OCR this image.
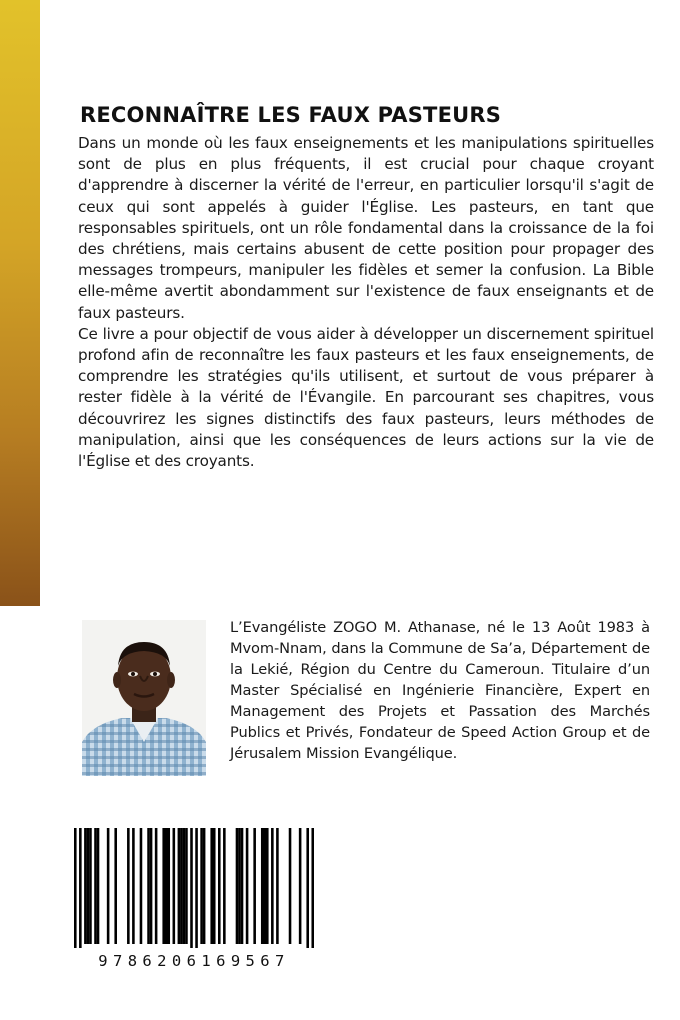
RECONNAÎTRE LES FAUX PASTEURS

Dans un monde où les faux enseignements et les manipulations spirituelles sont de plus en plus fréquents, il est crucial pour chaque croyant d'apprendre à discerner la vérité de l'erreur, en particulier lorsqu'il s'agit de ceux qui sont appelés à guider l'Église. Les pasteurs, en tant que responsables spirituels, ont un rôle fondamental dans la croissance de la foi des chrétiens, mais certains abusent de cette position pour propager des messages trompeurs, manipuler les fidèles et semer la confusion. La Bible elle-même avertit abondamment sur l'existence de faux enseignants et de faux pasteurs.

Ce livre a pour objectif de vous aider à développer un discernement spirituel profond afin de reconnaître les faux pasteurs et les faux enseignements, de comprendre les stratégies qu'ils utilisent, et surtout de vous préparer à rester fidèle à la vérité de l'Évangile. En parcourant ses chapitres, vous découvrirez les signes distinctifs des faux pasteurs, leurs méthodes de manipulation, ainsi que les conséquences de leurs actions sur la vie de l'Église et des croyants.

L’Evangéliste ZOGO M. Athanase, né le 13 Août 1983 à Mvom-Nnam, dans la Commune de Sa’a, Département de la Lekié, Région du Centre du Cameroun. Titulaire d’un Master Spécialisé en Ingénierie Financière, Expert en Management des Projets et Passation des Marchés Publics et Privés, Fondateur de Speed Action Group et de Jérusalem Mission Evangélique.
9786206169567
